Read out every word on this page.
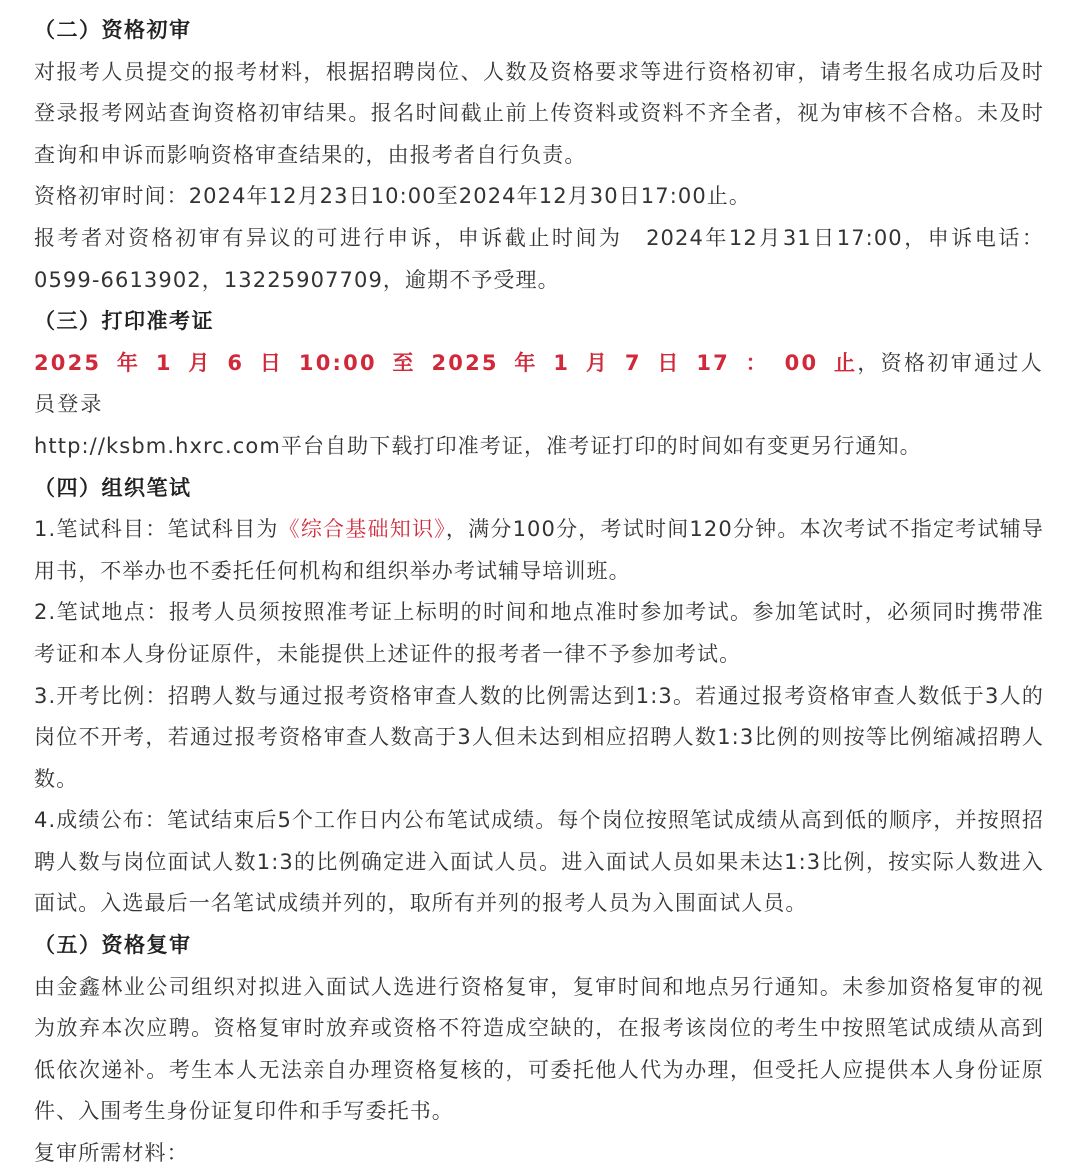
（二）资格初审

对报考人员提交的报考材料，根据招聘岗位、人数及资格要求等进行资格初审，请考生报名成功后及时登录报考网站查询资格初审结果。报名时间截止前上传资料或资料不齐全者，视为审核不合格。未及时查询和申诉而影响资格审查结果的，由报考者自行负责。

资格初审时间：2024年12月23日10:00至2024年12月30日17:00止。

报考者对资格初审有异议的可进行申诉，申诉截止时间为　2024年12月31日17:00，申诉电话：0599-6613902，13225907709，逾期不予受理。

（三）打印准考证

2025 年 1 月 6 日 10:00 至 2025 年 1 月 7 日 17 ： 00 止，资格初审通过人员登录

http://ksbm.hxrc.com平台自助下载打印准考证，准考证打印的时间如有变更另行通知。

（四）组织笔试

1.笔试科目：笔试科目为《综合基础知识》，满分100分，考试时间120分钟。本次考试不指定考试辅导用书，不举办也不委托任何机构和组织举办考试辅导培训班。

2.笔试地点：报考人员须按照准考证上标明的时间和地点准时参加考试。参加笔试时，必须同时携带准考证和本人身份证原件，未能提供上述证件的报考者一律不予参加考试。

3.开考比例：招聘人数与通过报考资格审查人数的比例需达到1:3。若通过报考资格审查人数低于3人的岗位不开考，若通过报考资格审查人数高于3人但未达到相应招聘人数1:3比例的则按等比例缩减招聘人数。

4.成绩公布：笔试结束后5个工作日内公布笔试成绩。每个岗位按照笔试成绩从高到低的顺序，并按照招聘人数与岗位面试人数1:3的比例确定进入面试人员。进入面试人员如果未达1:3比例，按实际人数进入面试。入选最后一名笔试成绩并列的，取所有并列的报考人员为入围面试人员。

（五）资格复审

由金鑫林业公司组织对拟进入面试人选进行资格复审，复审时间和地点另行通知。未参加资格复审的视为放弃本次应聘。资格复审时放弃或资格不符造成空缺的，在报考该岗位的考生中按照笔试成绩从高到低依次递补。考生本人无法亲自办理资格复核的，可委托他人代为办理，但受托人应提供本人身份证原件、入围考生身份证复印件和手写委托书。

复审所需材料：
